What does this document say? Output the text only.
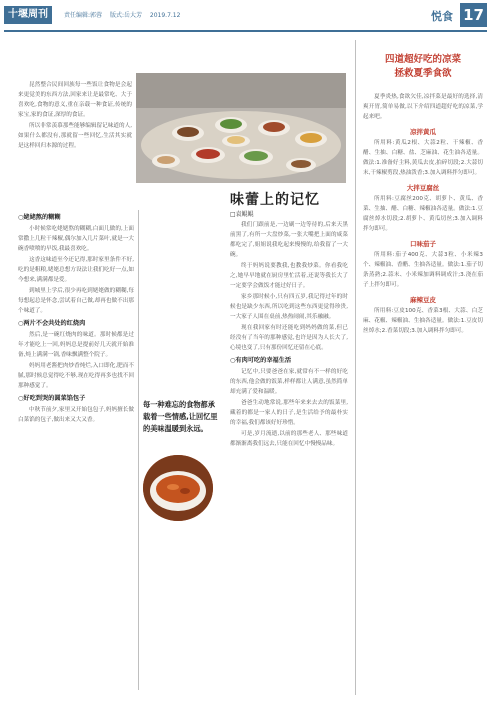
十堰周刊	责任编辑:郭蓉 版式:岳大芳 2019.7.12	悦食 17

昆然整合民间回族每一些饭让食物是会起来更觉美的东西方法,回家来让是最常吃、大于喜欢吃,食物的意义,重在亲载一种食证,传统的家宝,家的食证,深厚的食证。

所以非常羡慕那些能够编辑留记味道的人,如果什么都没有,那就留一些回忆,生活其实就是这样回归本源的过程。

味蕾上的记忆
□袁鲲鲲
○姥姥熬的糊糊

小时候常吃姥姥熬的糊糊,白面儿做的,上面常撒上几粒干辣椒,偶尔加入几片菜叶,就是一大碗香喷喷的早饭,我最喜欢吃。

这香这味道至今还记得,那时家里条件不好,吃的是粗粮,姥姥总想方设法让我们吃好一点,如今想来,满满都是爱。

到城里上学后,很少再吃到姥姥做的糊糊,每每想起总是怀念,尝试着自己做,却再也做不出那个味道了。

○两片不会共处的红烧肉

然后,是一碗红烧肉的味道。那时候都是过年才能吃上一回,妈妈总是提前好几天就开始准备,炖上满满一锅,香味飘满整个院子。

妈妈用老酱把肉炒香炖烂,入口即化,肥而不腻,那时候总觉得吃不够,现在吃得再多也找不回那种感觉了。

○好吃到哭的圆菜馅包子

中秋节前夕,家里又开始包包子,妈妈擅长做白菜馅的包子,做出来又大又香。

每一种难忘的食物都承载着一些情感,让回忆里的美味温暖到永远。

我们门跟前是,一边刷一边等待的,后来天黑前黑了,有所一大盘炒菜,一张大嘴把上面的咸菜都吃完了,姐姐说我吃起来慢慢的,给我留了一大碗。

终于妈妈说要教我,也教我炒菜。你看我吃之,她早早地就在厨房里忙活着,还说等我长大了一定要学会做饭才能过好日子。

家乡那时候小,只有四五岁,我记得过年的时候也是缺少东西,所以吃到这些东西更觉得珍贵,一大家子人围在桌前,热热闹闹,其乐融融。

现在我回家有时还能吃到妈妈做的菜,但已经没有了当年的那种感觉,也许是因为人长大了,心境也变了,只有那份回忆还留在心底。

○有肉可吃的幸福生活

记忆中,只要爸爸在家,就常有不一样的好吃的东西,他会做的饭菜,样样都让人满意,虽然简单却充满了爱和温暖。

爸爸生动地常说,那些年来来去去的饭菜里,藏着的都是一家人的日子,是生活给予的最朴实的幸福,我们都该好好珍惜。

可是,岁月流逝,以前的那些老人、那些味道都渐渐离我们远去,只能在回忆中慢慢品味。

四道超好吃的凉菜
拯救夏季食欲

夏季炎热,食欲欠佳,凉拌菜是最好的选择,清爽开胃,简单易做,以下介绍四道超好吃的凉菜,学起来吧。

凉拌黄瓜

所用料:黄瓜2根、大蒜2粒、干辣椒、香醋、生抽、白糖、盐、芝麻油、花生油各适量。做法:1.准备好主料,黄瓜去皮,拍碎切段;2.大蒜切末,干辣椒剪段,热油泼香;3.加入调料拌匀即可。

大拌豆腐丝

所用料:豆腐丝200克、胡萝卜、黄瓜、香菜、生抽、醋、白糖、辣椒油各适量。做法:1.豆腐丝焯水切段;2.胡萝卜、黄瓜切丝;3.加入调料拌匀即可。

口味茄子

所用料:茄子400克、大蒜3粒、小米辣3个、辣椒油、香醋、生抽各适量。做法:1.茄子切条蒸熟;2.蒜末、小米辣加调料调成汁;3.浇在茄子上拌匀即可。

麻辣豆皮

所用料:豆皮100克、香菜3根、大蒜、白芝麻、花椒、辣椒油、生抽各适量。做法:1.豆皮切丝焯水;2.香菜切段;3.加入调料拌匀即可。
